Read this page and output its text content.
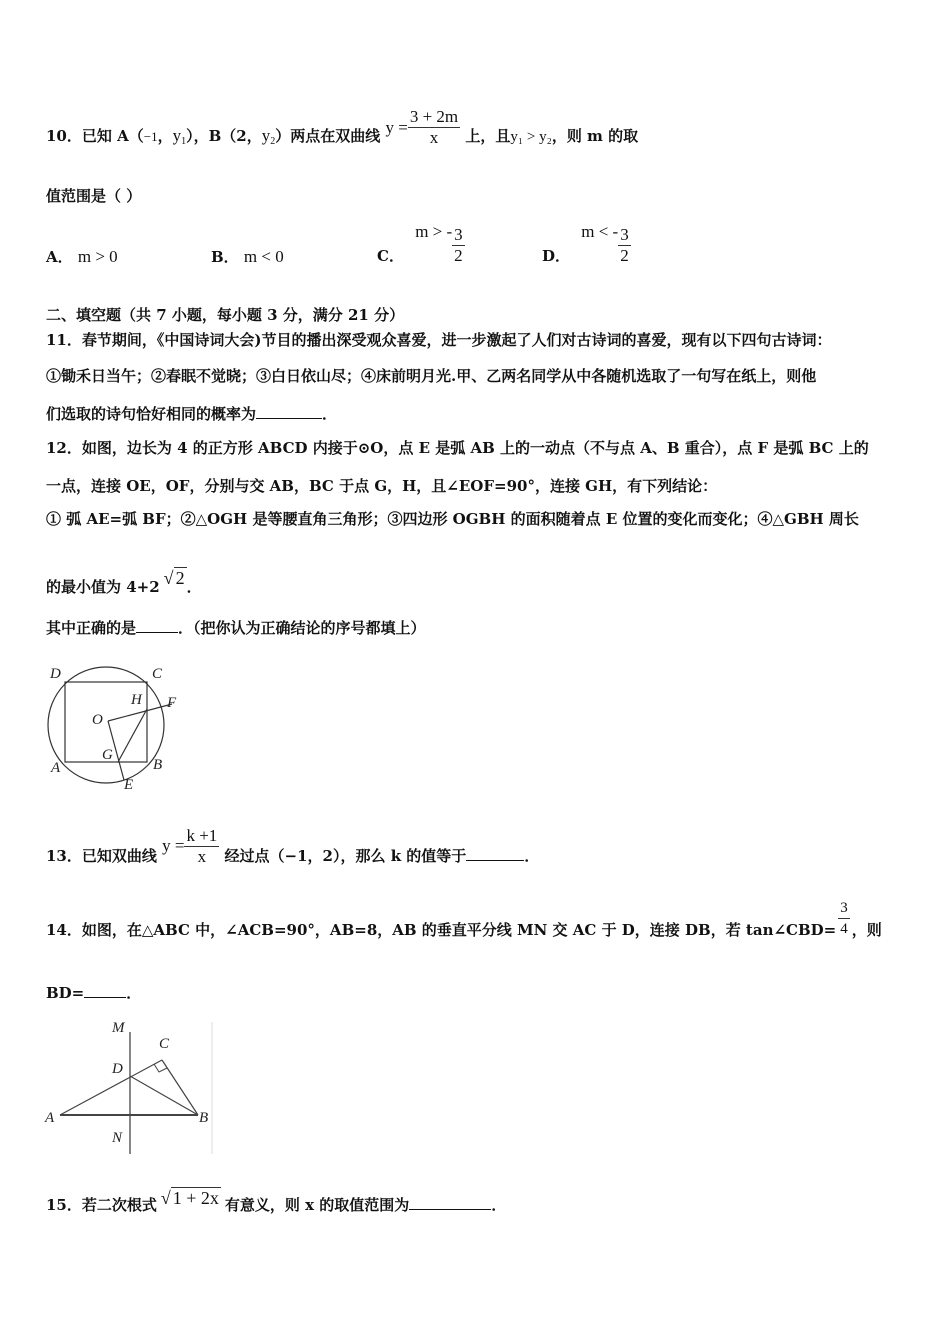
10．已知 A（−1，$y_1$），B（2，$y_2$）两点在双曲线 $y = \frac{3 + 2m}{x}$ 上，且y₁ > y₂，则 m 的取
值范围是（ ）
A． m > 0	B． m < 0	C． m > - $\frac{3}{2}$	D． m < - $\frac{3}{2}$
二、填空题（共 7 小题，每小题 3 分，满分 21 分）
11．春节期间，《中国诗词大会)节目的播出深受观众喜爱，进一步激起了人们对古诗词的喜爱，现有以下四句古诗词：
①锄禾日当午；②春眠不觉晓；③白日依山尽；④床前明月光.甲、乙两名同学从中各随机选取了一句写在纸上，则他
们选取的诗句恰好相同的概率为	．
12．如图，边长为 4 的正方形 ABCD 内接于⊙O，点 E 是弧 AB 上的一动点（不与点 A、B 重合），点 F 是弧 BC 上的
一点，连接 OE，OF，分别与交 AB，BC 于点 G，H，且∠EOF=90°，连接 GH，有下列结论：
① 弧 AE=弧 BF；②△OGH 是等腰直角三角形；③四边形 OGBH 的面积随着点 E 位置的变化而变化；④△GBH 周长
的最小值为 4+2 √ 2 ．
其中正确的是	．（把你认为正确结论的序号都填上）
D	C
H F
O
G
A	B
E
13．已知双曲线 $y = \frac{k +1}{x}$ 经过点（−1，2），那么 k 的值等于	．
14．如图，在△ABC 中，∠ACB=90°，AB=8，AB 的垂直平分线 MN 交 AC 于 D，连接 DB，若 tan∠CBD= $\frac{3}{4}$ ，则
BD=	．
M
C
D
A	B
N
15．若二次根式 √ 1 + 2x 有意义，则 x 的取值范围为	．
